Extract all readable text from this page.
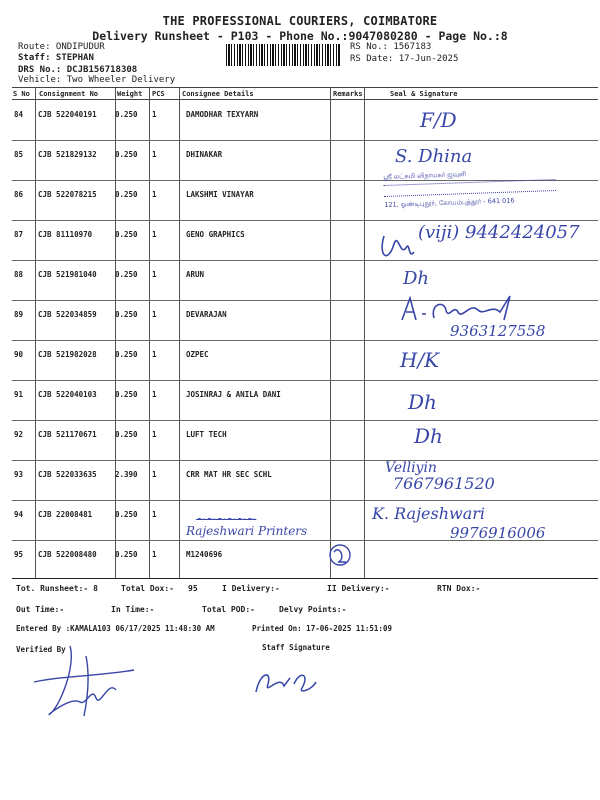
THE PROFESSIONAL COURIERS, COIMBATORE
Delivery Runsheet - P103 - Phone No.:9047080280 - Page No.:8
Route: ONDIPUDUR
Staff: STEPHAN
DRS No.: DCJB156718308
Vehicle: Two Wheeler Delivery
RS No.: 1567183
RS Date: 17-Jun-2025
S No Consignment No	Weight PCS Consignee Details	Remarks	Seal & Signature
84 CJB 522040191 0.250 1	DAMODHAR TEXYARN
85 CJB 521829132 0.250 1	DHINAKAR
86 CJB 522078215 0.250 1	LAKSHMI VINAYAR
87 CJB 81110970	0.250 1	GENO GRAPHICS
88 CJB 521981040 0.250 1	ARUN
89 CJB 522034859 0.250 1	DEVARAJAN
90 CJB 521982028 0.250 1	OZPEC
91 CJB 522040103 0.250 1	JOSINRAJ & ANILA DANI
92 CJB 521170671 0.250 1	LUFT TECH
93 CJB 522033635 2.390 1	CRR MAT HR SEC SCHL
94 CJB 22008481	0.250 1
95 CJB 522008480 0.250 1	M1240696
F/D
S. Dhina
ஸ்ரீ லட்சுமி விநாயகர் ஜவுளி
121, ஓண்டிபுதூர், கோயம்புத்தூர் - 641 016
(viji) 9442424057
Dh
9363127558
H/K
Dh
Dh
Velliyin
7667961520
~~~~~~
Rajeshwari Printers
K. Rajeshwari
9976916006
Tot. Runsheet:- 8	Total Dox:- 95	I Delivery:-	II Delivery:-	RTN Dox:-
Out Time:-	In Time:-	Total POD:-	Delvy Points:-
Entered By :KAMALA103 06/17/2025 11:48:30 AM	Printed On: 17-06-2025 11:51:09
Verified By	Staff Signature
